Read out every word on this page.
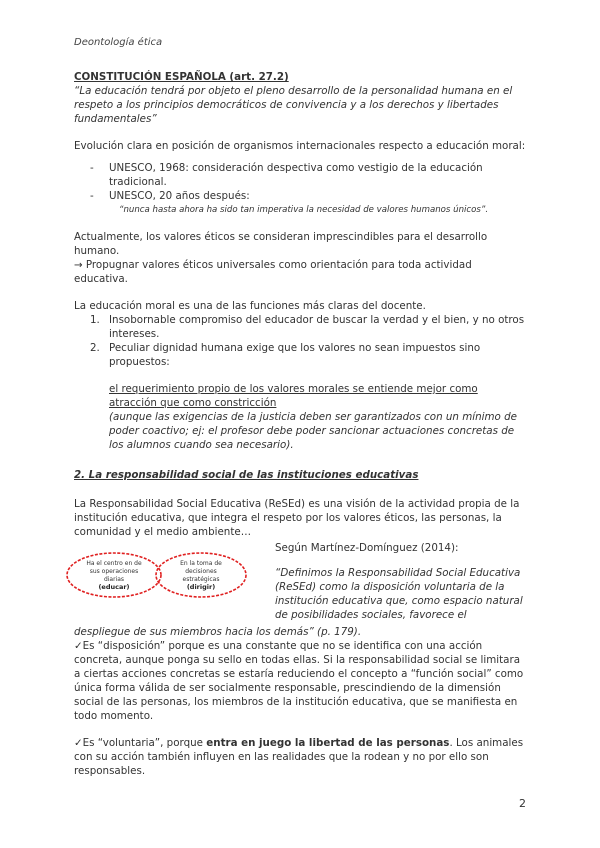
Deontología ética

CONSTITUCIÓN ESPAÑOLA (art. 27.2)

“La educación tendrá por objeto el pleno desarrollo de la personalidad humana en el respeto a los principios democráticos de convivencia y a los derechos y libertades fundamentales”

Evolución clara en posición de organismos internacionales respecto a educación moral:

- UNESCO, 1968: consideración despectiva como vestigio de la educación tradicional.
- UNESCO, 20 años después:

“nunca hasta ahora ha sido tan imperativa la necesidad de valores humanos únicos”.

Actualmente, los valores éticos se consideran imprescindibles para el desarrollo humano.

→ Propugnar valores éticos universales como orientación para toda actividad educativa.

La educación moral es una de las funciones más claras del docente.

1. Insobornable compromiso del educador de buscar la verdad y el bien, y no otros intereses.
2. Peculiar dignidad humana exige que los valores no sean impuestos sino propuestos:

el requerimiento propio de los valores morales se entiende mejor como atracción que como constricción

(aunque las exigencias de la justicia deben ser garantizados con un mínimo de poder coactivo; ej: el profesor debe poder sancionar actuaciones concretas de los alumnos cuando sea necesario).

2. La responsabilidad social de las instituciones educativas

La Responsabilidad Social Educativa (ReSEd) es una visión de la actividad propia de la institución educativa, que integra el respeto por los valores éticos, las personas, la comunidad y el medio ambiente…

Ha el centro en de
sus operaciones
diarias
(educar)
En la toma de
decisiones
estratégicas
(dirigir)

Según Martínez-Domínguez (2014):

“Definimos la Responsabilidad Social Educativa (ReSEd) como la disposición voluntaria de la institución educativa que, como espacio natural de posibilidades sociales, favorece el

despliegue de sus miembros hacia los demás” (p. 179).

✓Es “disposición” porque es una constante que no se identifica con una acción concreta, aunque ponga su sello en todas ellas. Si la responsabilidad social se limitara a ciertas acciones concretas se estaría reduciendo el concepto a “función social” como única forma válida de ser socialmente responsable, prescindiendo de la dimensión social de las personas, los miembros de la institución educativa, que se manifiesta en todo momento.

✓Es “voluntaria”, porque entra en juego la libertad de las personas. Los animales con su acción también influyen en las realidades que la rodean y no por ello son responsables.

2
